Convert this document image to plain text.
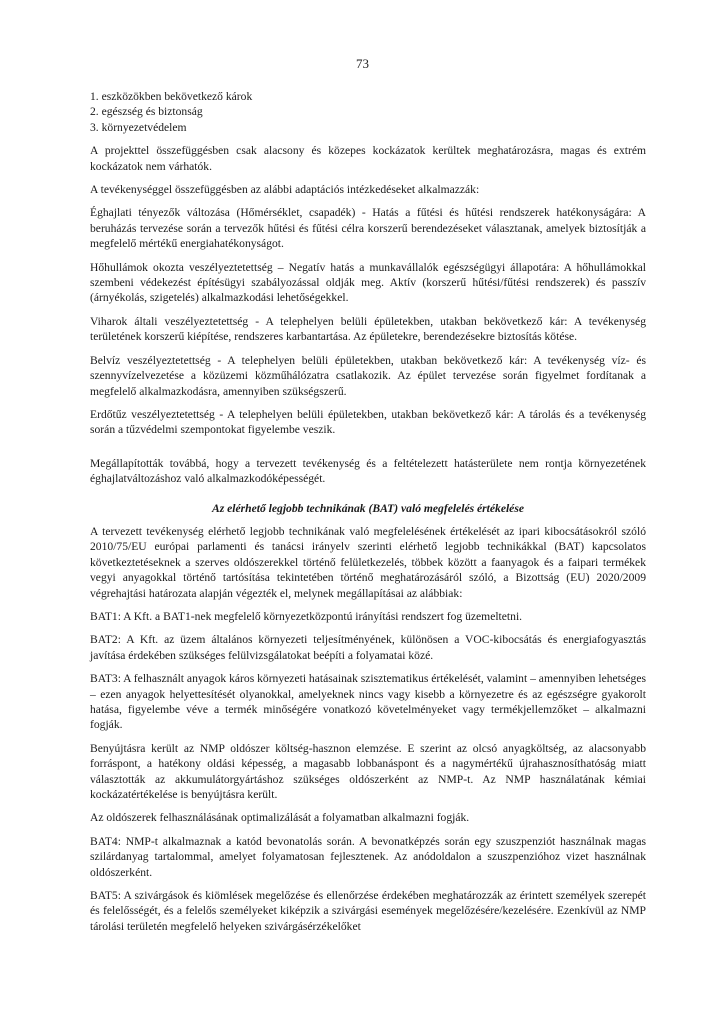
73
1. eszközökben bekövetkező károk
2. egészség és biztonság
3. környezetvédelem

A projekttel összefüggésben csak alacsony és közepes kockázatok kerültek meghatározásra, magas és extrém kockázatok nem várhatók.

A tevékenységgel összefüggésben az alábbi adaptációs intézkedéseket alkalmazzák:

Éghajlati tényezők változása (Hőmérséklet, csapadék) - Hatás a fűtési és hűtési rendszerek hatékonyságára: A beruházás tervezése során a tervezők hűtési és fűtési célra korszerű berendezéseket választanak, amelyek biztosítják a megfelelő mértékű energiahatékonyságot.

Hőhullámok okozta veszélyeztetettség – Negatív hatás a munkavállalók egészségügyi állapotára: A hőhullámokkal szembeni védekezést építésügyi szabályozással oldják meg. Aktív (korszerű hűtési/fűtési rendszerek) és passzív (árnyékolás, szigetelés) alkalmazkodási lehetőségekkel.

Viharok általi veszélyeztetettség - A telephelyen belüli épületekben, utakban bekövetkező kár: A tevékenység területének korszerű kiépítése, rendszeres karbantartása. Az épületekre, berendezésekre biztosítás kötése.

Belvíz veszélyeztetettség - A telephelyen belüli épületekben, utakban bekövetkező kár: A tevékenység víz- és szennyvízelvezetése a közüzemi közműhálózatra csatlakozik. Az épület tervezése során figyelmet fordítanak a megfelelő alkalmazkodásra, amennyiben szükségszerű.

Erdőtűz veszélyeztetettség - A telephelyen belüli épületekben, utakban bekövetkező kár: A tárolás és a tevékenység során a tűzvédelmi szempontokat figyelembe veszik.

Megállapították továbbá, hogy a tervezett tevékenység és a feltételezett hatásterülete nem rontja környezetének éghajlatváltozáshoz való alkalmazkodóképességét.

Az elérhető legjobb technikának (BAT) való megfelelés értékelése

A tervezett tevékenység elérhető legjobb technikának való megfelelésének értékelését az ipari kibocsátásokról szóló 2010/75/EU európai parlamenti és tanácsi irányelv szerinti elérhető legjobb technikákkal (BAT) kapcsolatos következtetéseknek a szerves oldószerekkel történő felületkezelés, többek között a faanyagok és a faipari termékek vegyi anyagokkal történő tartósítása tekintetében történő meghatározásáról szóló, a Bizottság (EU) 2020/2009 végrehajtási határozata alapján végezték el, melynek megállapításai az alábbiak:

BAT1: A Kft. a BAT1-nek megfelelő környezetközpontú irányítási rendszert fog üzemeltetni.

BAT2: A Kft. az üzem általános környezeti teljesítményének, különösen a VOC-kibocsátás és energiafogyasztás javítása érdekében szükséges felülvizsgálatokat beépíti a folyamatai közé.

BAT3: A felhasznált anyagok káros környezeti hatásainak szisztematikus értékelését, valamint – amennyiben lehetséges – ezen anyagok helyettesítését olyanokkal, amelyeknek nincs vagy kisebb a környezetre és az egészségre gyakorolt hatása, figyelembe véve a termék minőségére vonatkozó követelményeket vagy termékjellemzőket – alkalmazni fogják.

Benyújtásra került az NMP oldószer költség-hasznon elemzése. E szerint az olcsó anyagköltség, az alacsonyabb forráspont, a hatékony oldási képesség, a magasabb lobbanáspont és a nagymértékű újrahasznosíthatóság miatt választották az akkumulátorgyártáshoz szükséges oldószerként az NMP-t. Az NMP használatának kémiai kockázatértékelése is benyújtásra került.

Az oldószerek felhasználásának optimalizálását a folyamatban alkalmazni fogják.

BAT4: NMP-t alkalmaznak a katód bevonatolás során. A bevonatképzés során egy szuszpenziót használnak magas szilárdanyag tartalommal, amelyet folyamatosan fejlesztenek. Az anódoldalon a szuszpenzióhoz vizet használnak oldószerként.

BAT5: A szivárgások és kiömlések megelőzése és ellenőrzése érdekében meghatározzák az érintett személyek szerepét és felelősségét, és a felelős személyeket kiképzik a szivárgási események megelőzésére/kezelésére. Ezenkívül az NMP tárolási területén megfelelő helyeken szivárgásérzékelőket
